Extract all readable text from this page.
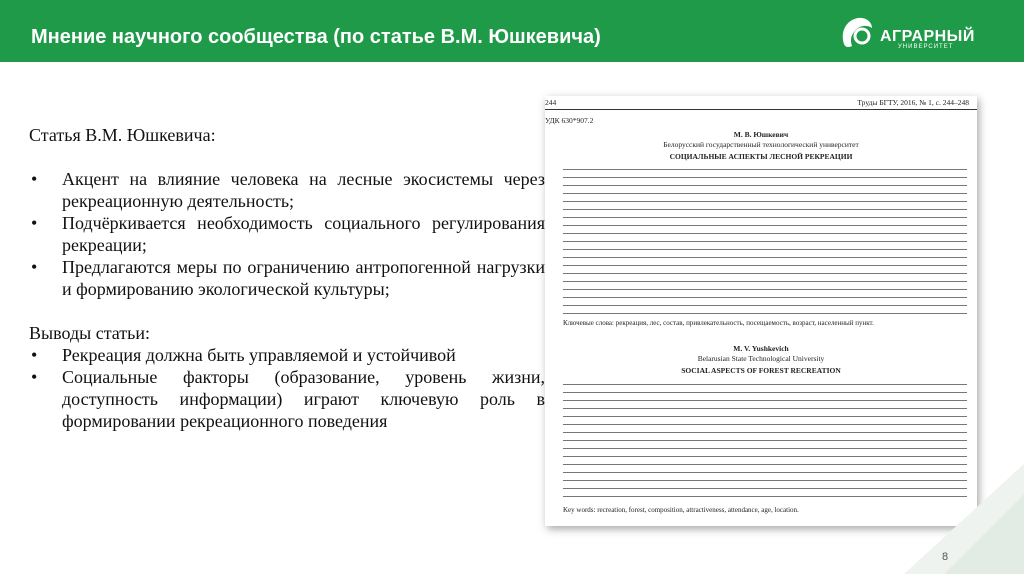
Мнение научного сообщества (по статье В.М. Юшкевича)	АГРАРНЫЙ
УНИВЕРСИТЕТ

Статья В.М. Юшкевича:

• Акцент на влияние человека на лесные экосистемы через рекреационную деятельность;
• Подчёркивается необходимость социального регулирования рекреации;
• Предлагаются меры по ограничению антропогенной нагрузки и формированию экологической культуры;

Выводы статьи:

• Рекреация должна быть управляемой и устойчивой
• Социальные факторы (образование, уровень жизни, доступность информации) играют ключевую роль в формировании рекреационного поведения
244	Труды БГТУ, 2016, № 1, с. 244–248
УДК 630*907.2
М. В. Юшкевич
Белорусский государственный технологический университет
СОЦИАЛЬНЫЕ АСПЕКТЫ ЛЕСНОЙ РЕКРЕАЦИИ
Ключевые слова: рекреация, лес, состав, привлекательность, посещаемость, возраст, населенный пункт.
M. V. Yushkevich
Belarusian State Technological University
SOCIAL ASPECTS OF FOREST RECREATION
Key words: recreation, forest, composition, attractiveness, attendance, age, location.
8
